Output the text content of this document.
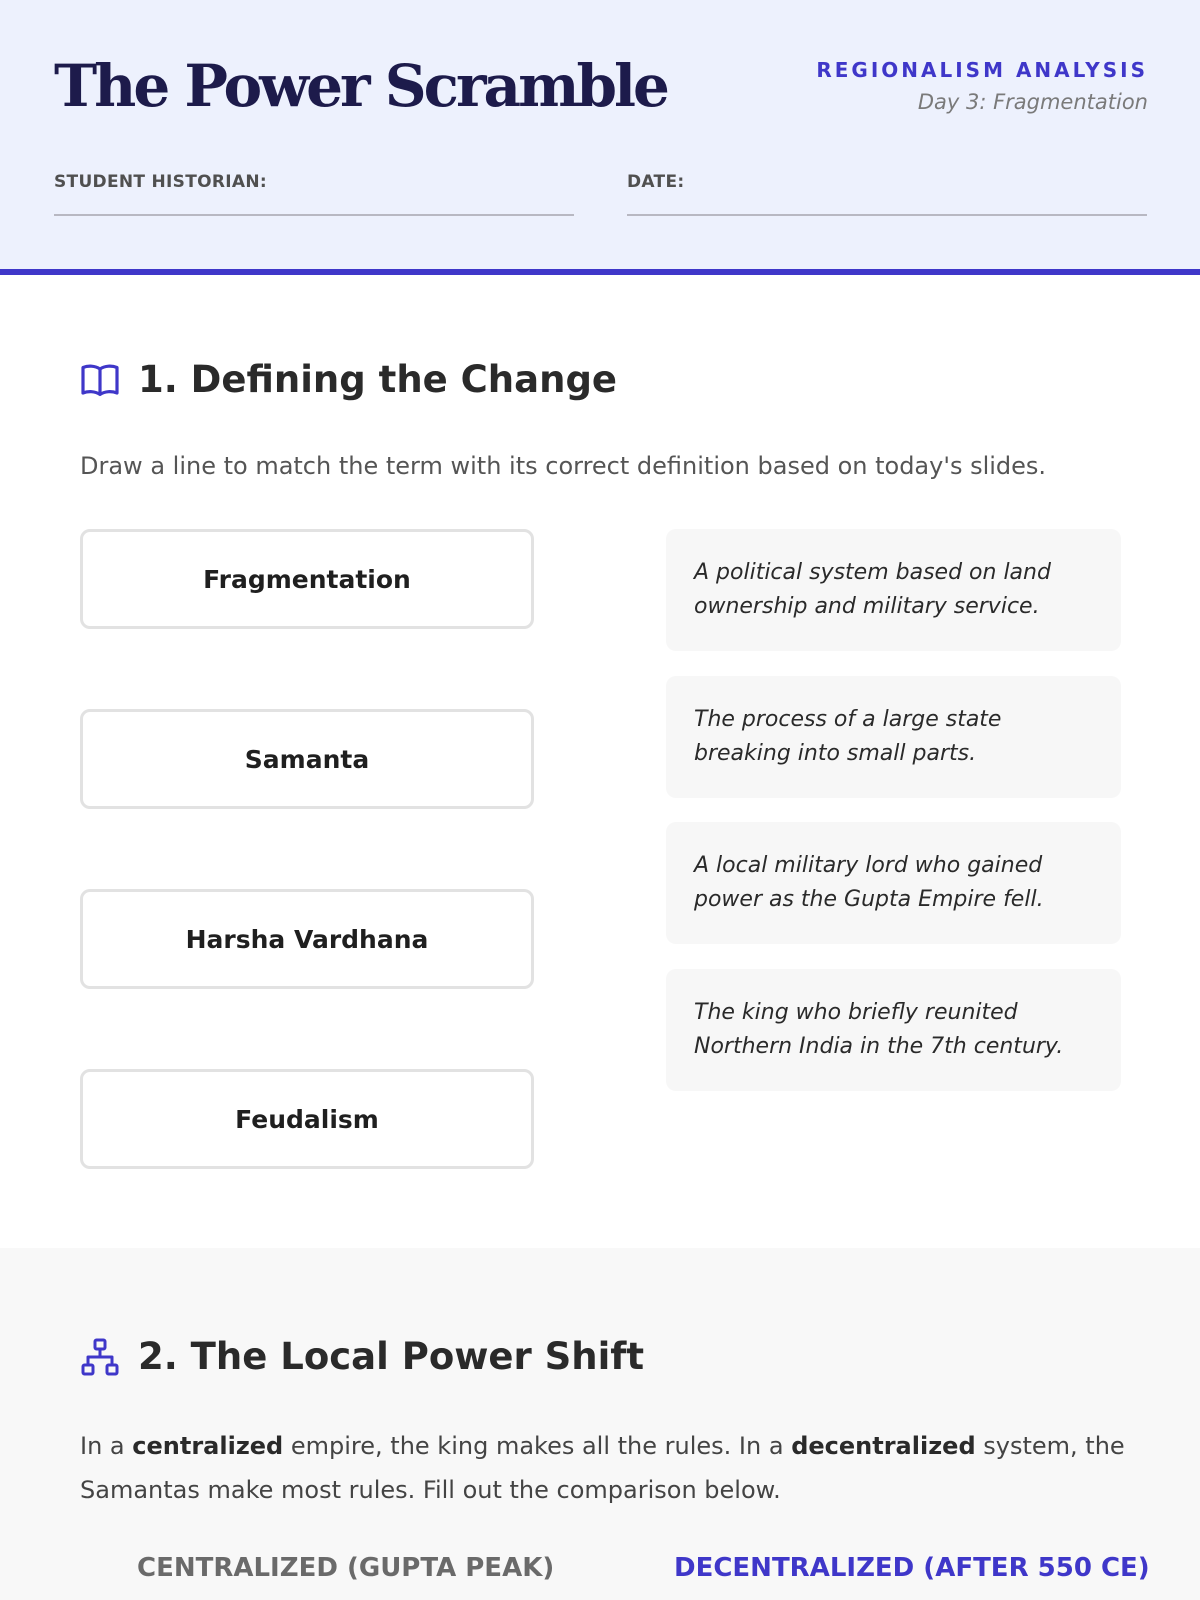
The Power Scramble	REGIONALISM ANALYSIS
Day 3: Fragmentation
STUDENT HISTORIAN:	DATE:
1. Defining the Change
Draw a line to match the term with its correct definition based on today's slides.
Fragmentation
Samanta
Harsha Vardhana
Feudalism
A political system based on land ownership and military service.
The process of a large state breaking into small parts.
A local military lord who gained power as the Gupta Empire fell.
The king who briefly reunited Northern India in the 7th century.
2. The Local Power Shift
In a centralized empire, the king makes all the rules. In a decentralized system, the Samantas make most rules. Fill out the comparison below.
CENTRALIZED (GUPTA PEAK)	DECENTRALIZED (AFTER 550 CE)
